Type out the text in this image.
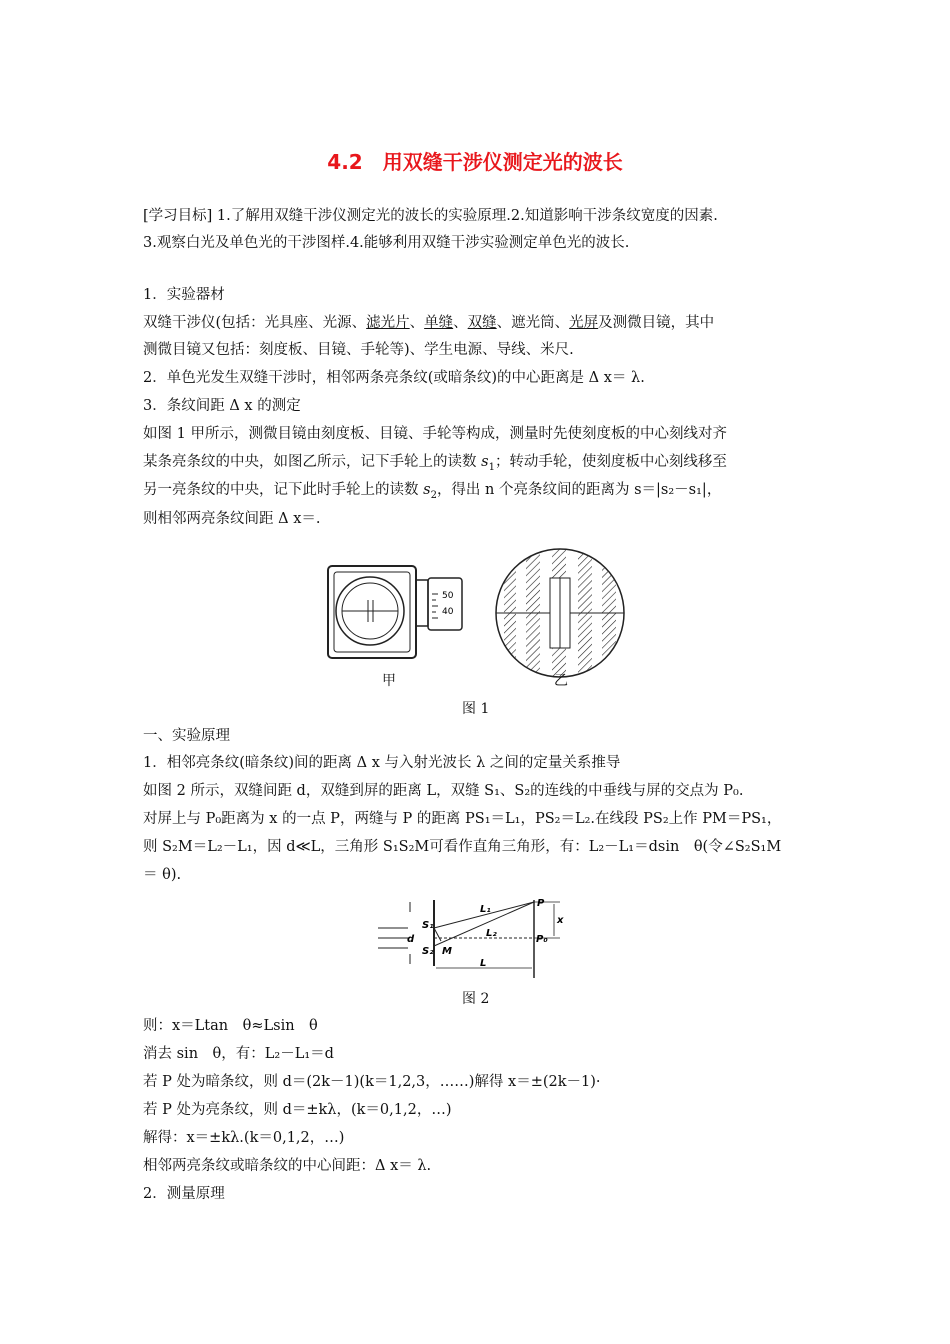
4.2　用双缝干涉仪测定光的波长
[学习目标] 1.了解用双缝干涉仪测定光的波长的实验原理.2.知道影响干涉条纹宽度的因素.
3.观察白光及单色光的干涉图样.4.能够利用双缝干涉实验测定单色光的波长.
1．实验器材
双缝干涉仪(包括：光具座、光源、滤光片、单缝、双缝、遮光筒、光屏及测微目镜，其中
测微目镜又包括：刻度板、目镜、手轮等)、学生电源、导线、米尺.
2．单色光发生双缝干涉时，相邻两条亮条纹(或暗条纹)的中心距离是 Δ x＝ λ.
3．条纹间距 Δ x 的测定
如图 1 甲所示，测微目镜由刻度板、目镜、手轮等构成，测量时先使刻度板的中心刻线对齐
某条亮条纹的中央，如图乙所示，记下手轮上的读数 $s_1$；转动手轮，使刻度板中心刻线移至
另一亮条纹的中央，记下此时手轮上的读数 $s_2$，得出 n 个亮条纹间的距离为 s＝|s₂－s₁|，
则相邻两亮条纹间距 Δ x＝.
50
40
甲	乙
图 1
一、实验原理
1．相邻亮条纹(暗条纹)间的距离 Δ x 与入射光波长 λ 之间的定量关系推导
如图 2 所示，双缝间距 d，双缝到屏的距离 L，双缝 S₁、S₂的连线的中垂线与屏的交点为 P₀.
对屏上与 P₀距离为 x 的一点 P，两缝与 P 的距离 PS₁＝L₁，PS₂＝L₂.在线段 PS₂上作 PM＝PS₁，
则 S₂M＝L₂－L₁，因 d≪L，三角形 S₁S₂M可看作直角三角形，有：L₂－L₁＝dsin　θ(令∠S₂S₁M
＝ θ).
P
P₀
x
L₁
L₂
S₁
S₂ M
d
L
图 2
则：x＝Ltan　θ≈Lsin　θ
消去 sin　θ，有：L₂－L₁＝d
若 P 处为暗条纹，则 d＝(2k－1)(k＝1,2,3，……)解得 x＝±(2k－1)·
若 P 处为亮条纹，则 d＝±kλ，(k＝0,1,2，…)
解得：x＝±kλ.(k＝0,1,2，…)
相邻两亮条纹或暗条纹的中心间距：Δ x＝ λ.
2．测量原理
